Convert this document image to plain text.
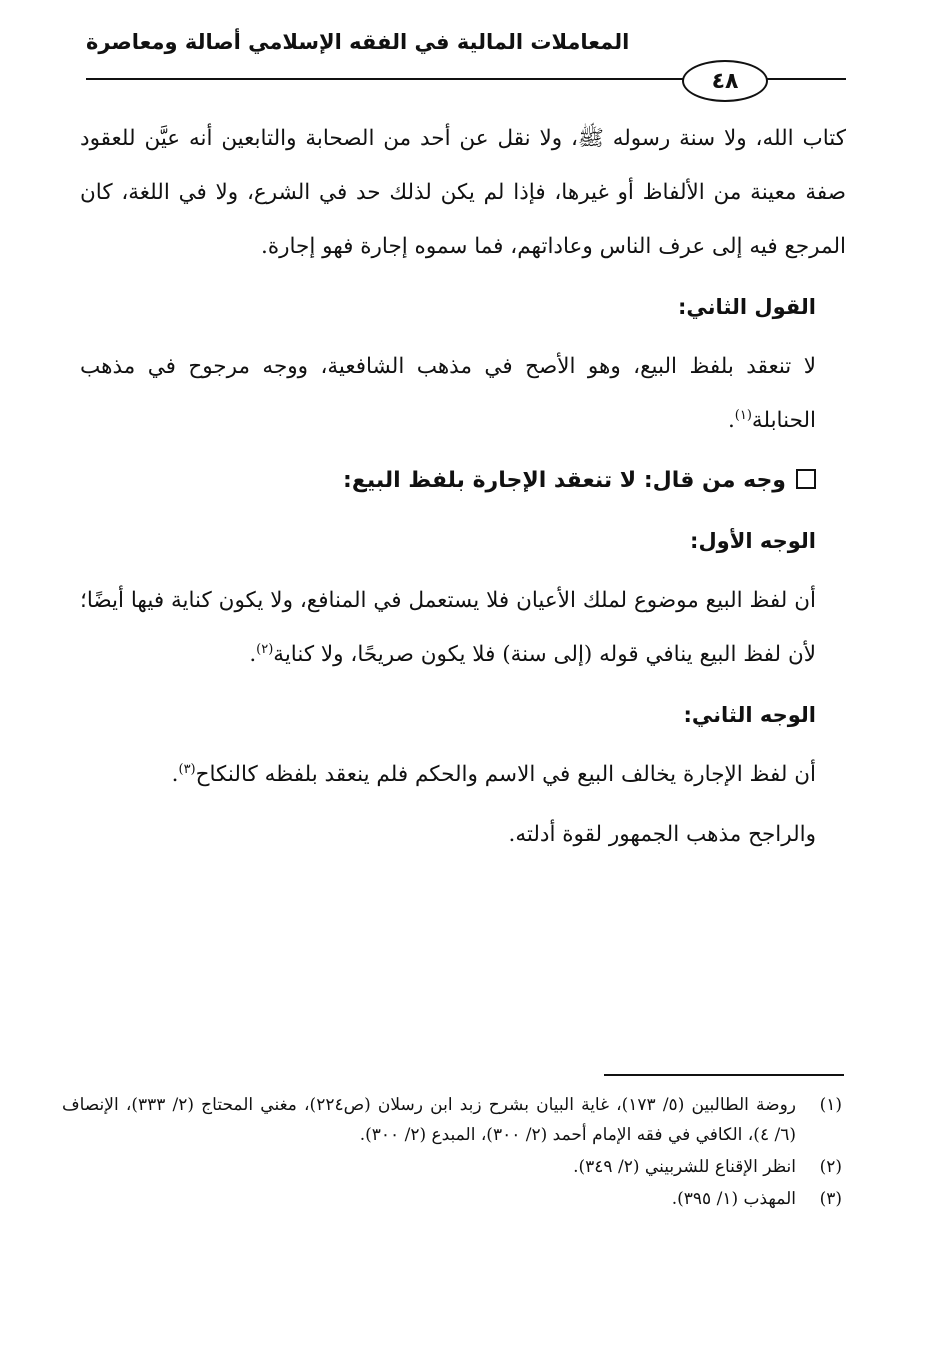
المعاملات المالية في الفقه الإسلامي أصالة ومعاصرة
٤٨

كتاب الله، ولا سنة رسوله ﷺ، ولا نقل عن أحد من الصحابة والتابعين أنه عيَّن للعقود صفة معينة من الألفاظ أو غيرها، فإذا لم يكن لذلك حد في الشرع، ولا في اللغة، كان المرجع فيه إلى عرف الناس وعاداتهم، فما سموه إجارة فهو إجارة.

القول الثاني:

لا تنعقد بلفظ البيع، وهو الأصح في مذهب الشافعية، ووجه مرجوح في مذهب الحنابلة$^{(١)}$.

وجه من قال: لا تنعقد الإجارة بلفظ البيع:

الوجه الأول:

أن لفظ البيع موضوع لملك الأعيان فلا يستعمل في المنافع، ولا يكون كناية فيها أيضًا؛ لأن لفظ البيع ينافي قوله (إلى سنة) فلا يكون صريحًا، ولا كناية$^{(٢)}$.

الوجه الثاني:

أن لفظ الإجارة يخالف البيع في الاسم والحكم فلم ينعقد بلفظه كالنكاح$^{(٣)}$.

والراجح مذهب الجمهور لقوة أدلته.

(١)
روضة الطالبين (٥/ ١٧٣)، غاية البيان بشرح زبد ابن رسلان (ص٢٢٤)، مغني المحتاج (٢/ ٣٣٣)، الإنصاف (٦/ ٤)، الكافي في فقه الإمام أحمد (٢/ ٣٠٠)، المبدع (٢/ ٣٠٠).
(٢)
انظر الإقناع للشربيني (٢/ ٣٤٩).
(٣)
المهذب (١/ ٣٩٥).
